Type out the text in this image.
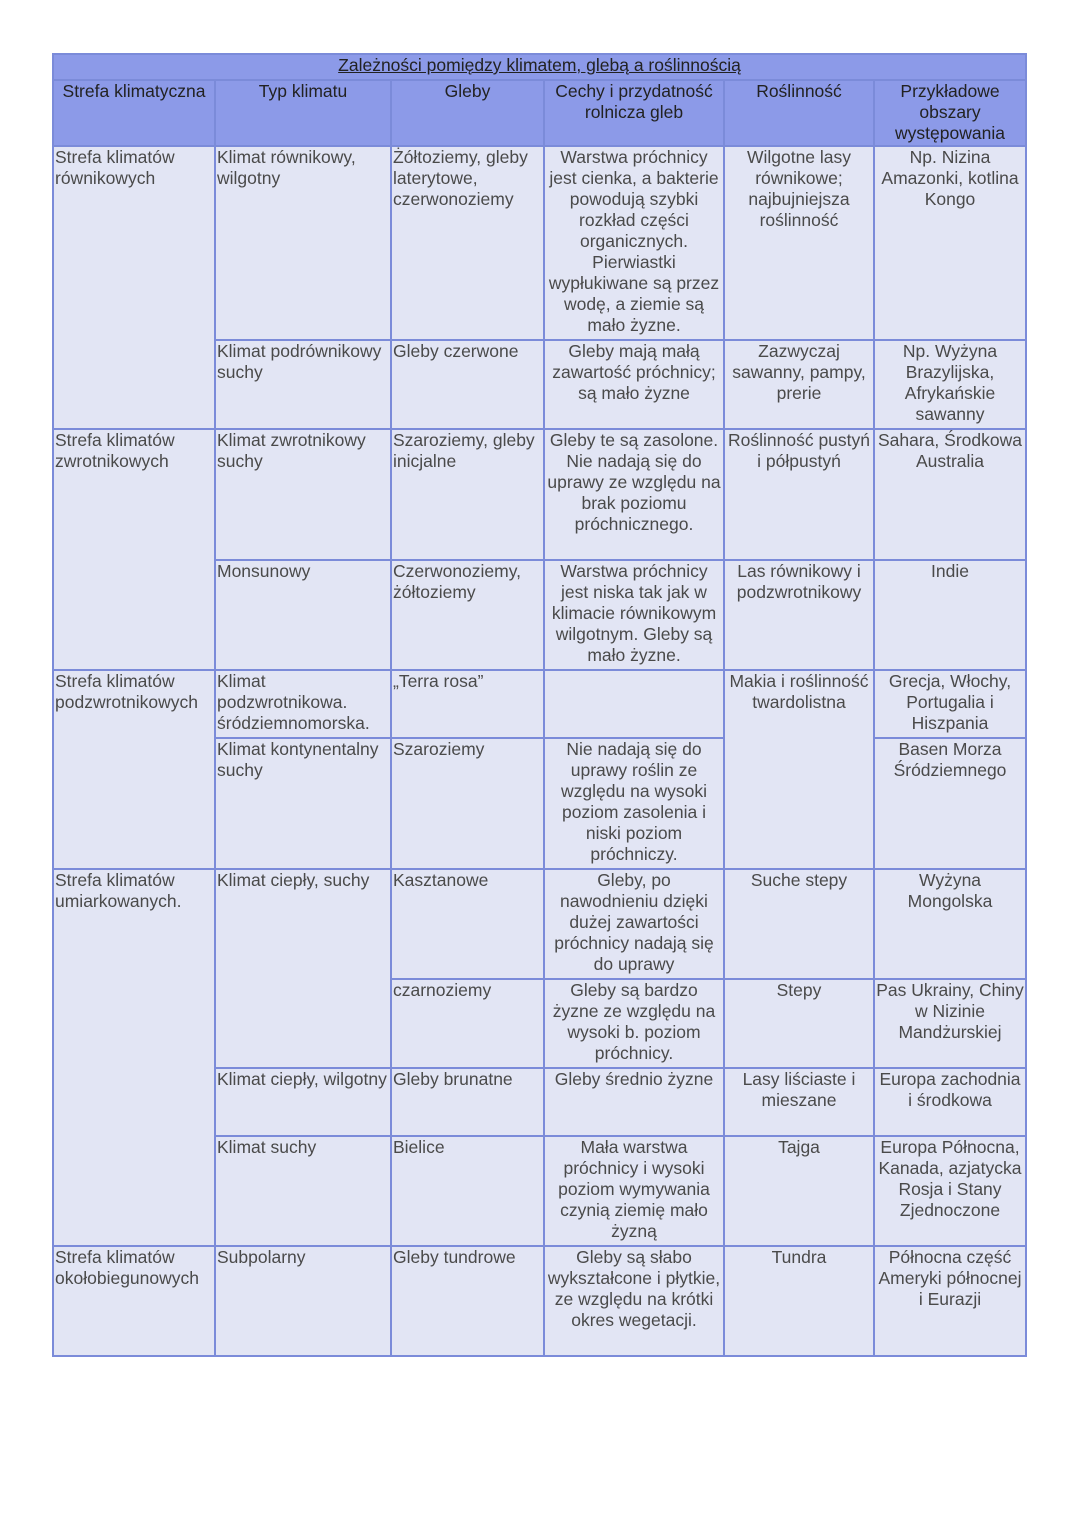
Zależności pomiędzy klimatem, glebą a roślinnością					
Strefa klimatyczna	Typ klimatu	Gleby	Cechy i przydatność rolnicza gleb	Roślinność	Przykładowe obszary występowania
Strefa klimatów równikowych	Klimat równikowy, wilgotny	Żółtoziemy, gleby laterytowe, czerwonoziemy	Warstwa próchnicy jest cienka, a bakterie powodują szybki rozkład części organicznych. Pierwiastki wypłukiwane są przez wodę, a ziemie są mało żyzne.	Wilgotne lasy równikowe; najbujniejsza roślinność	Np. Nizina Amazonki, kotlina Kongo
	Klimat podrównikowy suchy	Gleby czerwone	Gleby mają małą zawartość próchnicy; są mało żyzne	Zazwyczaj sawanny, pampy, prerie	Np. Wyżyna Brazylijska, Afrykańskie sawanny
Strefa klimatów zwrotnikowych	Klimat zwrotnikowy suchy	Szaroziemy, gleby inicjalne	Gleby te są zasolone. Nie nadają się do uprawy ze względu na brak poziomu próchnicznego.	Roślinność pustyń i półpustyń	Sahara, Środkowa Australia
	Monsunowy	Czerwonoziemy, żółtoziemy	Warstwa próchnicy jest niska tak jak w klimacie równikowym wilgotnym. Gleby są mało żyzne.	Las równikowy i podzwrotnikowy	Indie
Strefa klimatów podzwrotnikowych	Klimat podzwrotnikowa. śródziemnomorska.	„Terra rosa”		Makia i roślinność twardolistna	Grecja, Włochy, Portugalia i Hiszpania
	Klimat kontynentalny suchy	Szaroziemy	Nie nadają się do uprawy roślin ze względu na wysoki poziom zasolenia i niski poziom próchniczy.		Basen Morza Śródziemnego
Strefa klimatów umiarkowanych.	Klimat ciepły, suchy	Kasztanowe	Gleby, po nawodnieniu dzięki dużej zawartości próchnicy nadają się do uprawy	Suche stepy	Wyżyna Mongolska
		czarnoziemy	Gleby są bardzo żyzne ze względu na wysoki b. poziom próchnicy.	Stepy	Pas Ukrainy, Chiny w Nizinie Mandżurskiej
	Klimat ciepły, wilgotny	Gleby brunatne	Gleby średnio żyzne	Lasy liściaste i mieszane	Europa zachodnia i środkowa
	Klimat suchy	Bielice	Mała warstwa próchnicy i wysoki poziom wymywania czynią ziemię mało żyzną	Tajga	Europa Północna, Kanada, azjatycka Rosja i Stany Zjednoczone
Strefa klimatów okołobiegunowych	Subpolarny	Gleby tundrowe	Gleby są słabo wykształcone i płytkie, ze względu na krótki okres wegetacji.	Tundra	Północna część Ameryki północnej i Eurazji
